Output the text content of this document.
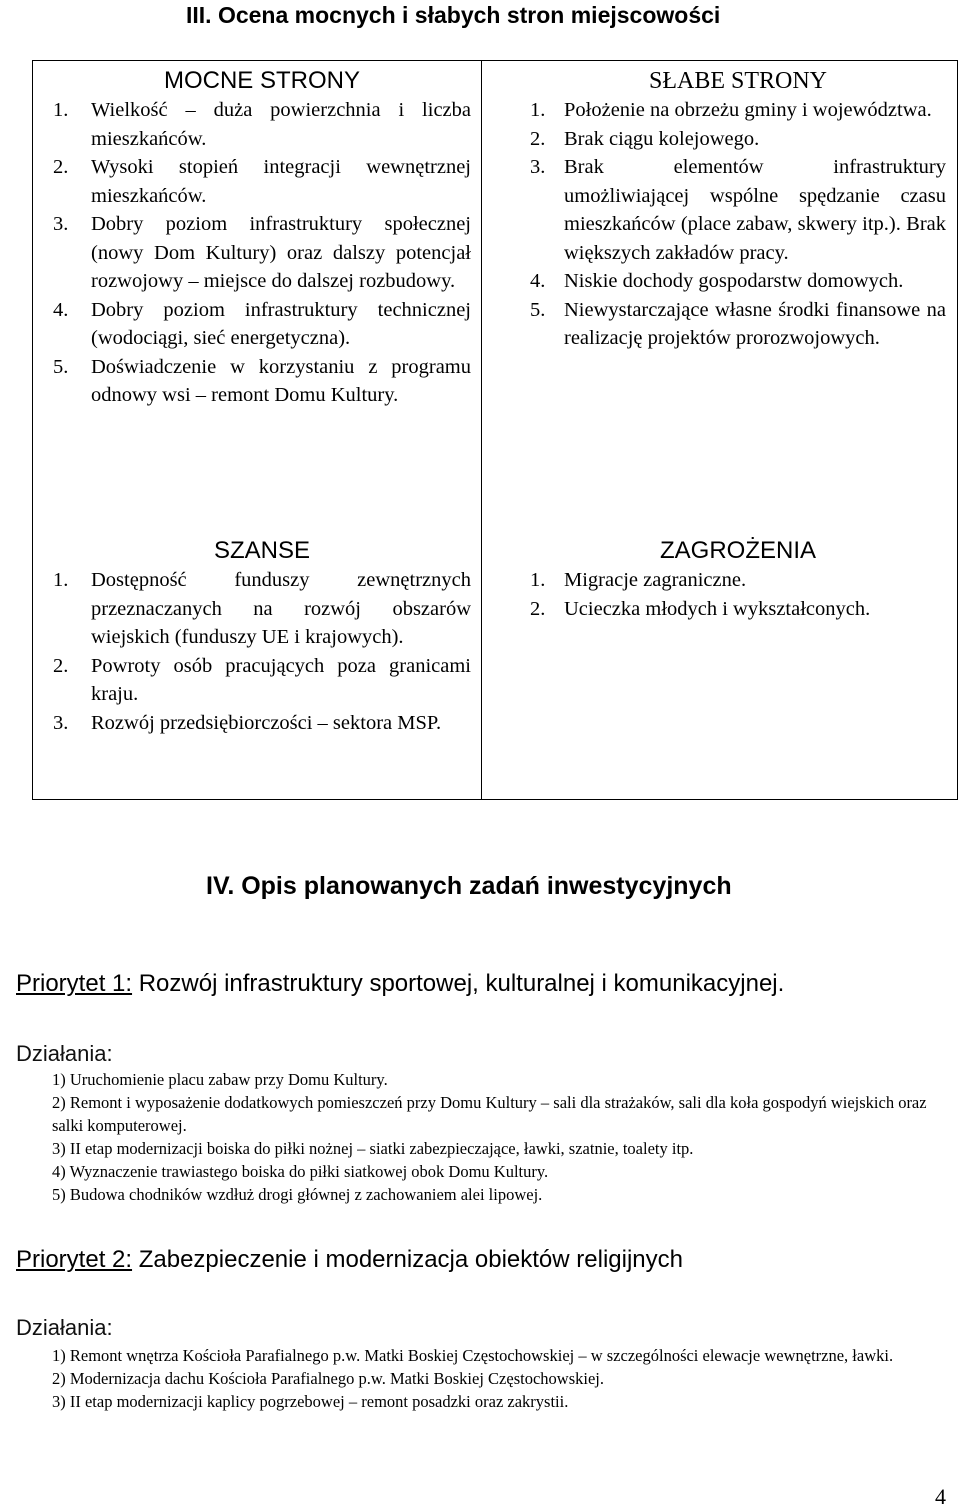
III. Ocena mocnych i słabych stron miejscowości
MOCNE STRONY
1. Wielkość – duża powierzchnia i liczba mieszkańców.
2. Wysoki stopień integracji wewnętrznej mieszkańców.
3. Dobry poziom infrastruktury społecznej (nowy Dom Kultury) oraz dalszy potencjał rozwojowy – miejsce do dalszej rozbudowy.
4. Dobry poziom infrastruktury technicznej (wodociągi, sieć energetyczna).
5. Doświadczenie w korzystaniu z programu odnowy wsi – remont Domu Kultury.
SŁABE STRONY
1. Położenie na obrzeżu gminy i województwa.
2. Brak ciągu kolejowego.
3. Brak elementów infrastruktury umożliwiającej wspólne spędzanie czasu mieszkańców (place zabaw, skwery itp.). Brak większych zakładów pracy.
4. Niskie dochody gospodarstw domowych.
5. Niewystarczające własne środki finansowe na realizację projektów prorozwojowych.
SZANSE
1. Dostępność funduszy zewnętrznych przeznaczanych na rozwój obszarów wiejskich (funduszy UE i krajowych).
2. Powroty osób pracujących poza granicami kraju.
3. Rozwój przedsiębiorczości – sektora MSP.
ZAGROŻENIA
1. Migracje zagraniczne.
2. Ucieczka młodych i wykształconych.
IV. Opis planowanych zadań inwestycyjnych
Priorytet 1: Rozwój infrastruktury sportowej, kulturalnej i komunikacyjnej.
Działania:
1) Uruchomienie placu zabaw przy Domu Kultury.
2) Remont i wyposażenie dodatkowych pomieszczeń przy Domu Kultury – sali dla strażaków, sali dla koła gospodyń wiejskich oraz salki komputerowej.
3) II etap modernizacji boiska do piłki nożnej – siatki zabezpieczające, ławki, szatnie, toalety itp.
4) Wyznaczenie trawiastego boiska do piłki siatkowej obok Domu Kultury.
5) Budowa chodników wzdłuż drogi głównej z zachowaniem alei lipowej.
Priorytet 2: Zabezpieczenie i modernizacja obiektów religijnych
Działania:
1) Remont wnętrza Kościoła Parafialnego p.w. Matki Boskiej Częstochowskiej – w szczególności elewacje wewnętrzne, ławki.
2) Modernizacja dachu Kościoła Parafialnego p.w. Matki Boskiej Częstochowskiej.
3) II etap modernizacji kaplicy pogrzebowej – remont posadzki oraz zakrystii.
4
